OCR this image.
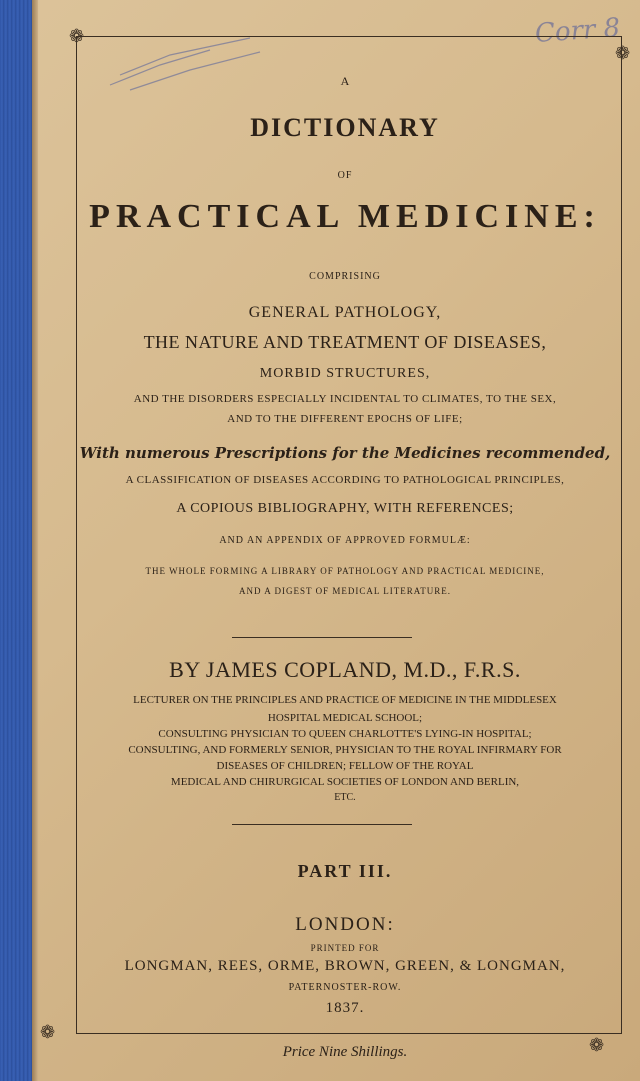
Corr 8
❁
❁
❁
❁
A
DICTIONARY
OF
PRACTICAL MEDICINE:
COMPRISING
GENERAL PATHOLOGY,
THE NATURE AND TREATMENT OF DISEASES,
MORBID STRUCTURES,
AND THE DISORDERS ESPECIALLY INCIDENTAL TO CLIMATES, TO THE SEX,
AND TO THE DIFFERENT EPOCHS OF LIFE;
With numerous Prescriptions for the Medicines recommended,
A CLASSIFICATION OF DISEASES ACCORDING TO PATHOLOGICAL PRINCIPLES,
A COPIOUS BIBLIOGRAPHY, WITH REFERENCES;
AND AN APPENDIX OF APPROVED FORMULÆ:
THE WHOLE FORMING A LIBRARY OF PATHOLOGY AND PRACTICAL MEDICINE,
AND A DIGEST OF MEDICAL LITERATURE.
BY JAMES COPLAND, M.D., F.R.S.
LECTURER ON THE PRINCIPLES AND PRACTICE OF MEDICINE IN THE MIDDLESEX
HOSPITAL MEDICAL SCHOOL;
CONSULTING PHYSICIAN TO QUEEN CHARLOTTE'S LYING-IN HOSPITAL;
CONSULTING, AND FORMERLY SENIOR, PHYSICIAN TO THE ROYAL INFIRMARY FOR
DISEASES OF CHILDREN; FELLOW OF THE ROYAL
MEDICAL AND CHIRURGICAL SOCIETIES OF LONDON AND BERLIN,
ETC.
PART III.
LONDON:
PRINTED FOR
LONGMAN, REES, ORME, BROWN, GREEN, & LONGMAN,
PATERNOSTER-ROW.
1837.
Price Nine Shillings.
